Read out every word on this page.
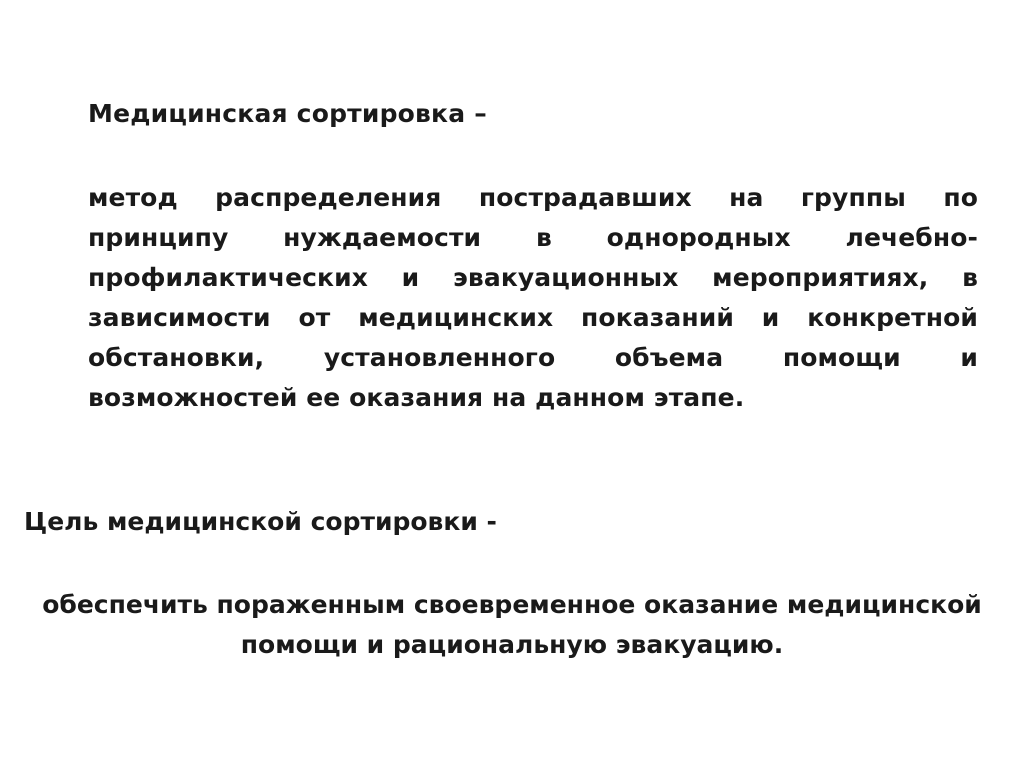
Медицинская сортировка –

метод распределения пострадавших на группы по принципу нуждаемости в однородных лечебно-профилактических и эвакуационных мероприятиях, в зависимости от медицинских показаний и конкретной обстановки, установленного объема помощи и возможностей ее оказания на данном этапе.

Цель медицинской сортировки -

обеспечить пораженным своевременное оказание медицинской помощи и рациональную эвакуацию.
